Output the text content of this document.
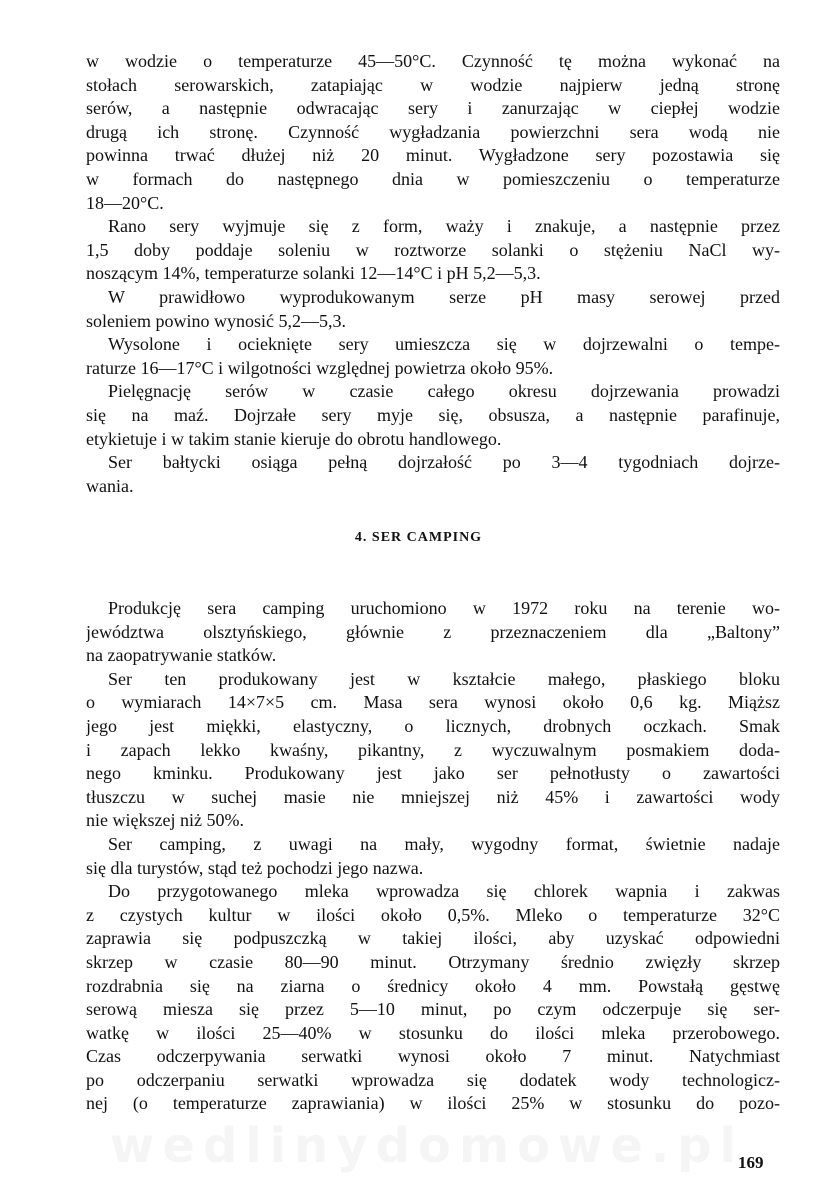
w wodzie o temperaturze 45—50°C. Czynność tę można wykonać na
stołach serowarskich, zatapiając w wodzie najpierw jedną stronę
serów, a następnie odwracając sery i zanurzając w ciepłej wodzie
drugą ich stronę. Czynność wygładzania powierzchni sera wodą nie
powinna trwać dłużej niż 20 minut. Wygładzone sery pozostawia się
w formach do następnego dnia w pomieszczeniu o temperaturze
18—20°C.
Rano sery wyjmuje się z form, waży i znakuje, a następnie przez
1,5 doby poddaje soleniu w roztworze solanki o stężeniu NaCl wy-
noszącym 14%, temperaturze solanki 12—14°C i pH 5,2—5,3.
W prawidłowo wyprodukowanym serze pH masy serowej przed
soleniem powino wynosić 5,2—5,3.
Wysolone i ocieknięte sery umieszcza się w dojrzewalni o tempe-
raturze 16—17°C i wilgotności względnej powietrza około 95%.
Pielęgnację serów w czasie całego okresu dojrzewania prowadzi
się na maź. Dojrzałe sery myje się, obsusza, a następnie parafinuje,
etykietuje i w takim stanie kieruje do obrotu handlowego.
Ser bałtycki osiąga pełną dojrzałość po 3—4 tygodniach dojrze-
wania.
4. SER CAMPING
Produkcję sera camping uruchomiono w 1972 roku na terenie wo-
jewództwa olsztyńskiego, głównie z przeznaczeniem dla „Baltony”
na zaopatrywanie statków.
Ser ten produkowany jest w kształcie małego, płaskiego bloku
o wymiarach 14×7×5 cm. Masa sera wynosi około 0,6 kg. Miąższ
jego jest miękki, elastyczny, o licznych, drobnych oczkach. Smak
i zapach lekko kwaśny, pikantny, z wyczuwalnym posmakiem doda-
nego kminku. Produkowany jest jako ser pełnotłusty o zawartości
tłuszczu w suchej masie nie mniejszej niż 45% i zawartości wody
nie większej niż 50%.
Ser camping, z uwagi na mały, wygodny format, świetnie nadaje
się dla turystów, stąd też pochodzi jego nazwa.
Do przygotowanego mleka wprowadza się chlorek wapnia i zakwas
z czystych kultur w ilości około 0,5%. Mleko o temperaturze 32°C
zaprawia się podpuszczką w takiej ilości, aby uzyskać odpowiedni
skrzep w czasie 80—90 minut. Otrzymany średnio zwięzły skrzep
rozdrabnia się na ziarna o średnicy około 4 mm. Powstałą gęstwę
serową miesza się przez 5—10 minut, po czym odczerpuje się ser-
watkę w ilości 25—40% w stosunku do ilości mleka przerobowego.
Czas odczerpywania serwatki wynosi około 7 minut. Natychmiast
po odczerpaniu serwatki wprowadza się dodatek wody technologicz-
nej (o temperaturze zaprawiania) w ilości 25% w stosunku do pozo-
wedlinydomowe.pl
169
